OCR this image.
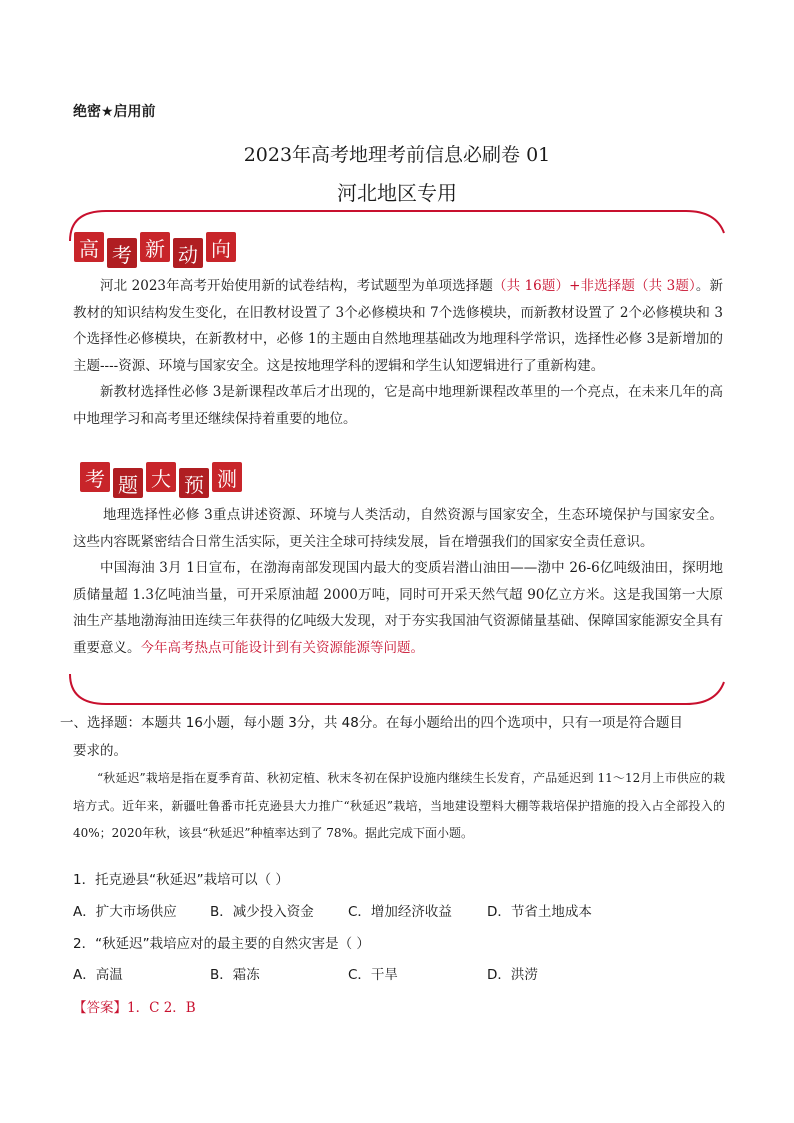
绝密★启用前
2023年高考地理考前信息必刷卷 01
河北地区专用
高 考 新 动 向

河北 2023年高考开始使用新的试卷结构，考试题型为单项选择题（共 16题）+非选择题（共 3题）。新教材的知识结构发生变化，在旧教材设置了 3个必修模块和 7个选修模块，而新教材设置了 2个必修模块和 3个选择性必修模块，在新教材中，必修 1的主题由自然地理基础改为地理科学常识，选择性必修 3是新增加的主题----资源、环境与国家安全。这是按地理学科的逻辑和学生认知逻辑进行了重新构建。

新教材选择性必修 3是新课程改革后才出现的，它是高中地理新课程改革里的一个亮点，在未来几年的高中地理学习和高考里还继续保持着重要的地位。

考 题 大 预 测

地理选择性必修 3重点讲述资源、环境与人类活动，自然资源与国家安全，生态环境保护与国家安全。这些内容既紧密结合日常生活实际，更关注全球可持续发展，旨在增强我们的国家安全责任意识。

中国海油 3月 1日宣布，在渤海南部发现国内最大的变质岩潜山油田——渤中 26-6亿吨级油田，探明地质储量超 1.3亿吨油当量，可开采原油超 2000万吨，同时可开采天然气超 90亿立方米。这是我国第一大原油生产基地渤海油田连续三年获得的亿吨级大发现，对于夯实我国油气资源储量基础、保障国家能源安全具有重要意义。今年高考热点可能设计到有关资源能源等问题。

一、选择题：本题共 16小题，每小题 3分，共 48分。在每小题给出的四个选项中，只有一项是符合题目
要求的。
“秋延迟”栽培是指在夏季育苗、秋初定植、秋末冬初在保护设施内继续生长发育，产品延迟到 11～12月上市供应的栽培方式。近年来，新疆吐鲁番市托克逊县大力推广“秋延迟”栽培，当地建设塑料大棚等栽培保护措施的投入占全部投入的 40%；2020年秋，该县“秋延迟”种植率达到了 78%。据此完成下面小题。
1．托克逊县“秋延迟”栽培可以（ ）
A．扩大市场供应	B．减少投入资金	C．增加经济收益	D．节省土地成本
2．“秋延迟”栽培应对的最主要的自然灾害是（ ）
A．高温	B．霜冻	C．干旱	D．洪涝
【答案】1．C 2．B
